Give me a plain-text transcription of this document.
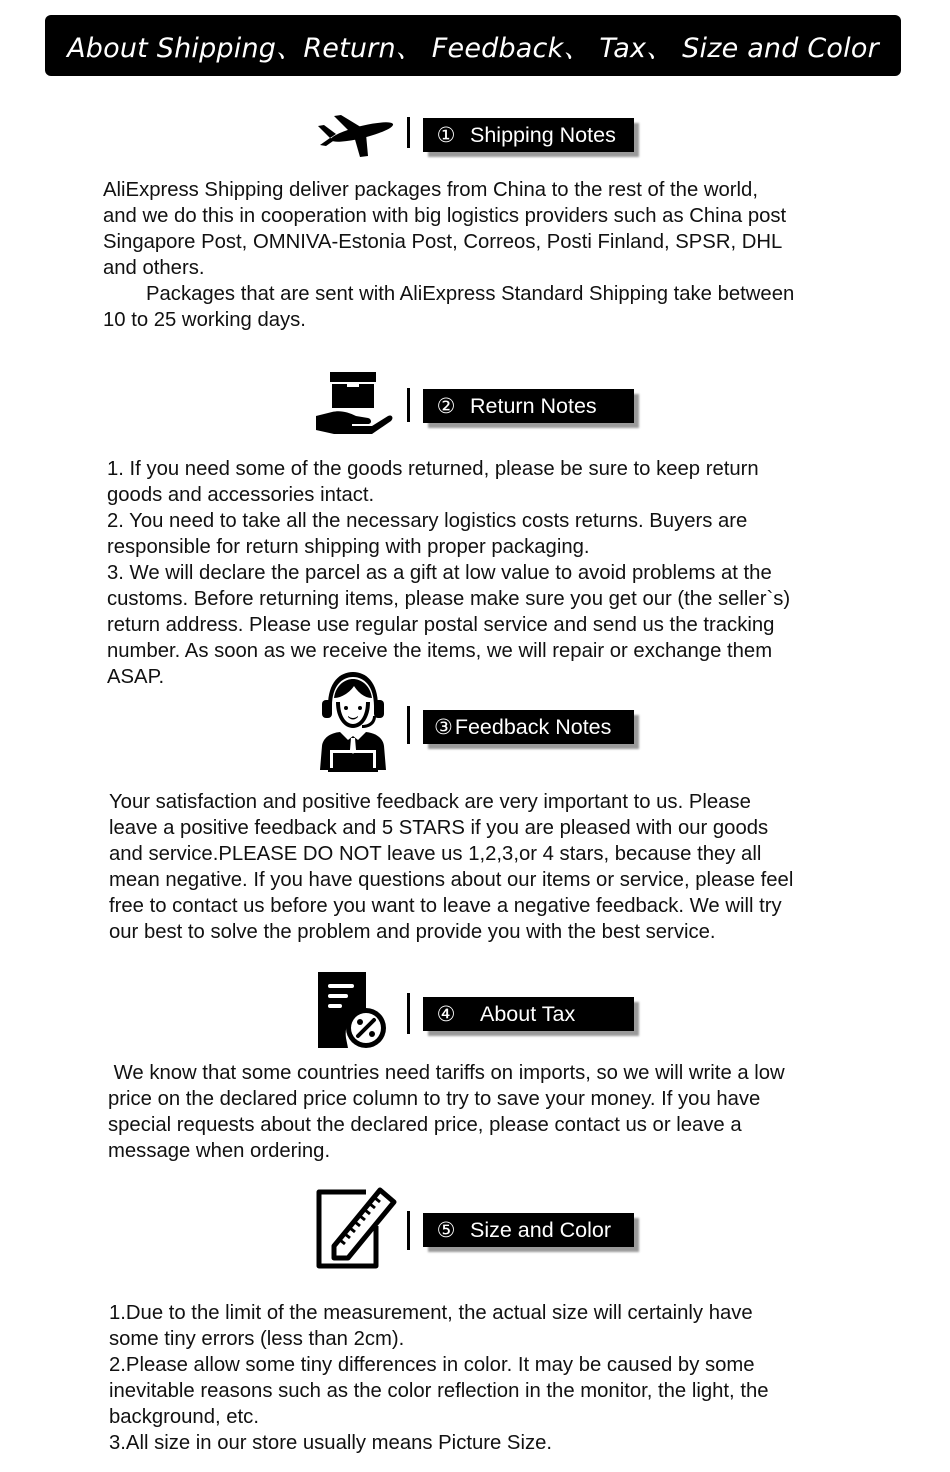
About Shipping、Return、 Feedback、 Tax、 Size and Color
① Shipping Notes

AliExpress Shipping deliver packages from China to the rest of the world,

and we do this in cooperation with big logistics providers such as China post

Singapore Post, OMNIVA-Estonia Post, Correos, Posti Finland, SPSR, DHL

and others.

Packages that are sent with AliExpress Standard Shipping take between

10 to 25 working days.

② Return Notes

1. If you need some of the goods returned, please be sure to keep return

goods and accessories intact.

2. You need to take all the necessary logistics costs returns. Buyers are

responsible for return shipping with proper packaging.

3. We will declare the parcel as a gift at low value to avoid problems at the

customs. Before returning items, please make sure you get our (the seller`s)

return address. Please use regular postal service and send us the tracking

number. As soon as we receive the items, we will repair or exchange them

ASAP.

③ Feedback Notes

Your satisfaction and positive feedback are very important to us. Please

leave a positive feedback and 5 STARS if you are pleased with our goods

and service.PLEASE DO NOT leave us 1,2,3,or 4 stars, because they all

mean negative. If you have questions about our items or service, please feel

free to contact us before you want to leave a negative feedback. We will try

our best to solve the problem and provide you with the best service.

④ About Tax

We know that some countries need tariffs on imports, so we will write a low

price on the declared price column to try to save your money. If you have

special requests about the declared price, please contact us or leave a

message when ordering.

⑤ Size and Color

1.Due to the limit of the measurement, the actual size will certainly have

some tiny errors (less than 2cm).

2.Please allow some tiny differences in color. It may be caused by some

inevitable reasons such as the color reflection in the monitor, the light, the

background, etc.

3.All size in our store usually means Picture Size.
